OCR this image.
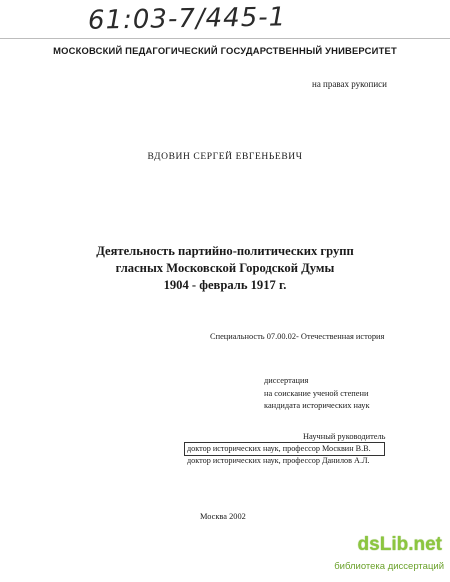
61:03-7/445-1
МОСКОВСКИЙ ПЕДАГОГИЧЕСКИЙ ГОСУДАРСТВЕННЫЙ УНИВЕРСИТЕТ
на правах рукописи
ВДОВИН СЕРГЕЙ ЕВГЕНЬЕВИЧ
Деятельность партийно-политических групп
гласных Московской Городской Думы
1904 - февраль 1917 г.
Специальность 07.00.02- Отечественная история
диссертация
на соискание ученой степени
кандидата исторических наук
Научный руководитель
доктор исторических наук, профессор Москвин В.В.
доктор исторических наук, профессор Данилов А.Л.
Москва 2002
dsLib.net
библиотека диссертаций
